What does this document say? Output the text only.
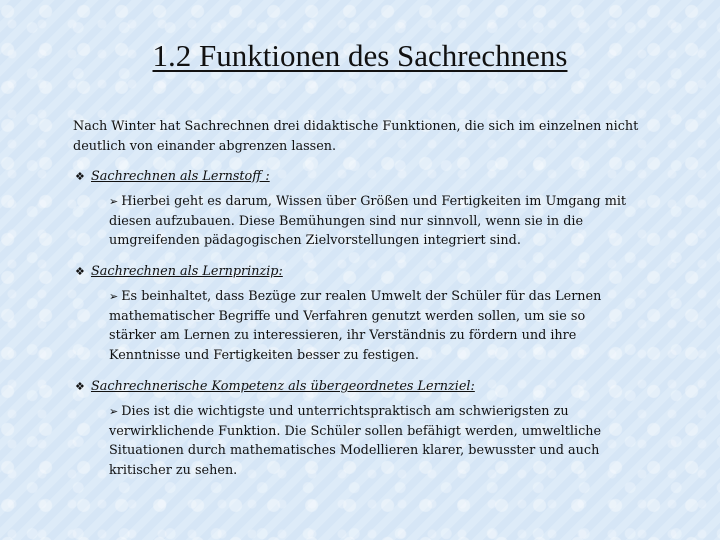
1.2 Funktionen des Sachrechnens

Nach Winter hat Sachrechnen drei didaktische Funktionen, die sich im einzelnen nicht deutlich von einander abgrenzen lassen.

❖ Sachrechnen als Lernstoff :
➢ Hierbei geht es darum, Wissen über Größen und Fertigkeiten im Umgang mit diesen aufzubauen. Diese Bemühungen sind nur sinnvoll, wenn sie in die umgreifenden pädagogischen Zielvorstellungen integriert sind.
❖ Sachrechnen als Lernprinzip:
➢ Es beinhaltet, dass Bezüge zur realen Umwelt der Schüler für das Lernen mathematischer Begriffe und Verfahren genutzt werden sollen, um sie so stärker am Lernen zu interessieren, ihr Verständnis zu fördern und ihre Kenntnisse und Fertigkeiten besser zu festigen.
❖ Sachrechnerische Kompetenz als übergeordnetes Lernziel:
➢ Dies ist die wichtigste und unterrichtspraktisch am schwierigsten zu verwirklichende Funktion. Die Schüler sollen befähigt werden, umweltliche Situationen durch mathematisches Modellieren klarer, bewusster und auch kritischer zu sehen.
